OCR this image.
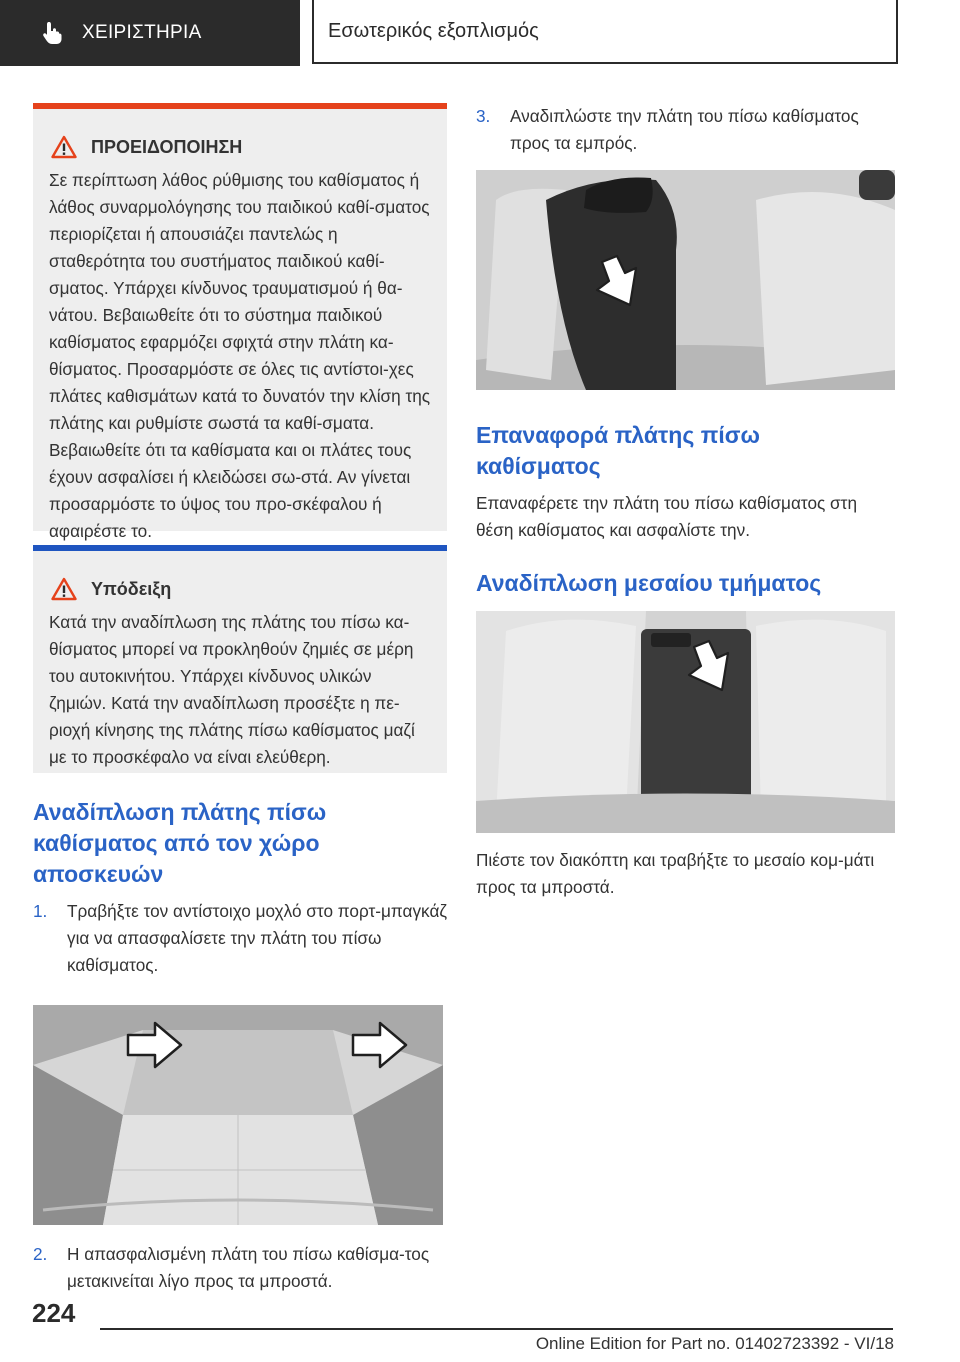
ΧΕΙΡΙΣΤΗΡΙΑ	Εσωτερικός εξοπλισμός
ΠΡΟΕΙΔΟΠΟΙΗΣΗ

Σε περίπτωση λάθος ρύθμισης του καθίσματος ή λάθος συναρμολόγησης του παιδικού καθί-σματος περιορίζεται ή απουσιάζει παντελώς η σταθερότητα του συστήματος παιδικού καθί-σματος. Υπάρχει κίνδυνος τραυματισμού ή θα-νάτου. Βεβαιωθείτε ότι το σύστημα παιδικού καθίσματος εφαρμόζει σφιχτά στην πλάτη κα-θίσματος. Προσαρμόστε σε όλες τις αντίστοι-χες πλάτες καθισμάτων κατά το δυνατόν την κλίση της πλάτης και ρυθμίστε σωστά τα καθί-σματα. Βεβαιωθείτε ότι τα καθίσματα και οι πλάτες τους έχουν ασφαλίσει ή κλειδώσει σω-στά. Αν γίνεται προσαρμόστε το ύψος του προ-σκέφαλου ή αφαιρέστε το.

Υπόδειξη

Κατά την αναδίπλωση της πλάτης του πίσω κα-θίσματος μπορεί να προκληθούν ζημιές σε μέρη του αυτοκινήτου. Υπάρχει κίνδυνος υλικών ζημιών. Κατά την αναδίπλωση προσέξτε η πε-ριοχή κίνησης της πλάτης πίσω καθίσματος μαζί με το προσκέφαλο να είναι ελεύθερη.

Αναδίπλωση πλάτης πίσω καθίσματος από τον χώρο αποσκευών
1.	Τραβήξτε τον αντίστοιχο μοχλό στο πορτ-μπαγκάζ για να απασφαλίσετε την πλάτη του πίσω καθίσματος.
2.	Η απασφαλισμένη πλάτη του πίσω καθίσμα-τος μετακινείται λίγο προς τα μπροστά.
3.	Αναδιπλώστε την πλάτη του πίσω καθίσματος προς τα εμπρός.
Επαναφορά πλάτης πίσω καθίσματος

Επαναφέρετε την πλάτη του πίσω καθίσματος στη θέση καθίσματος και ασφαλίστε την.

Αναδίπλωση μεσαίου τμήματος

Πιέστε τον διακόπτη και τραβήξτε το μεσαίο κομ-μάτι προς τα μπροστά.

224
Online Edition for Part no. 01402723392 - VI/18
